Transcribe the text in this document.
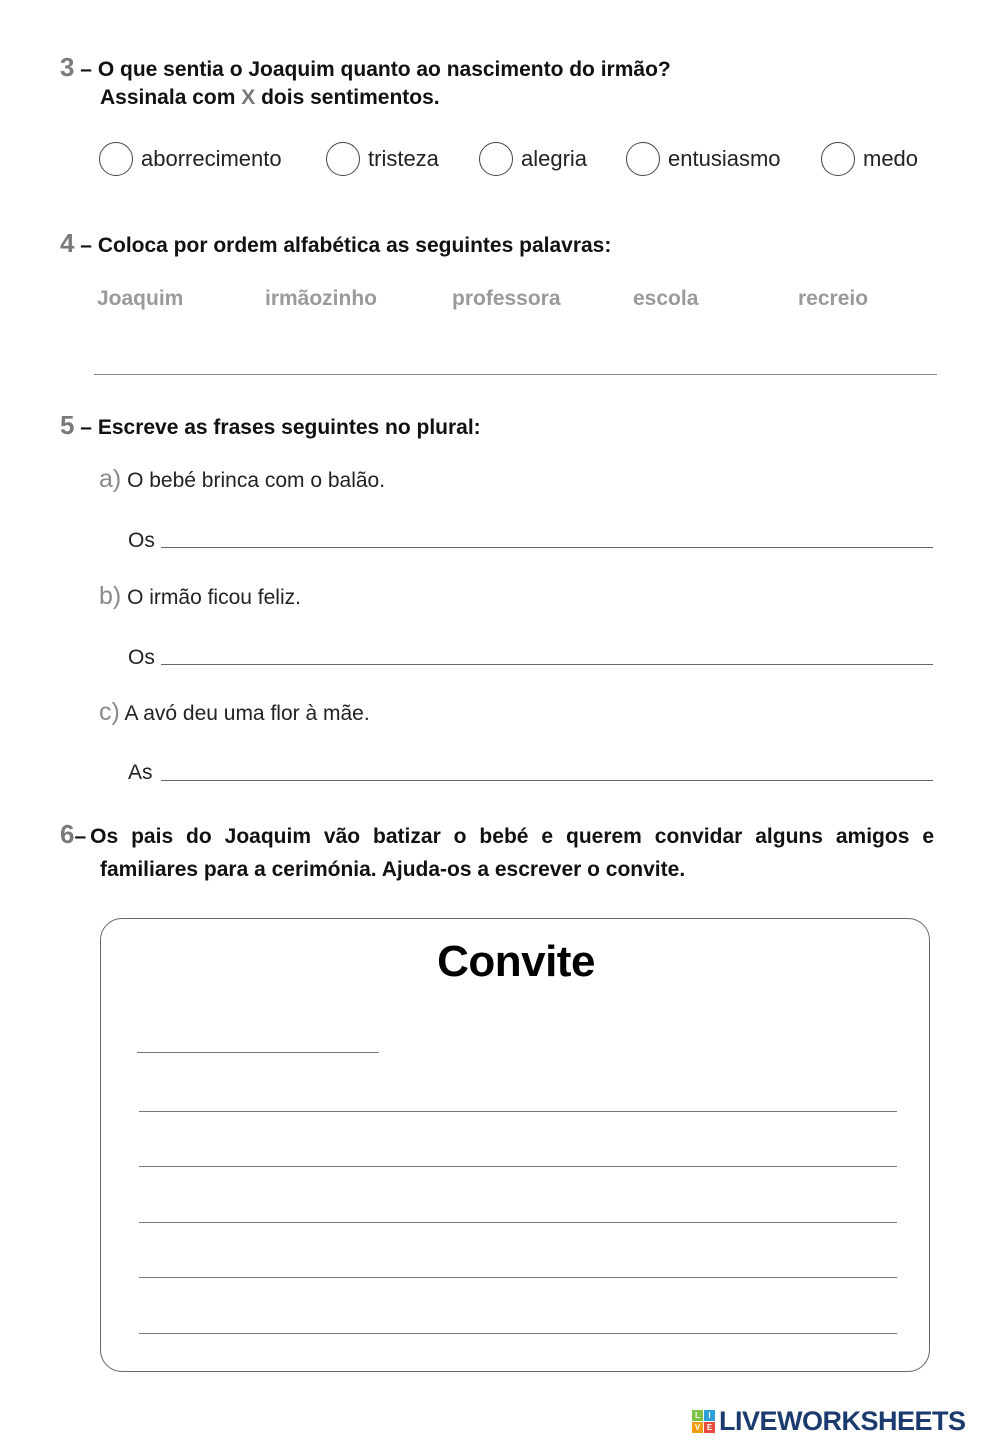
3 – O que sentia o Joaquim quanto ao nascimento do irmão?
Assinala com X dois sentimentos.
aborrecimento	tristeza	alegria	entusiasmo	medo
4 – Coloca por ordem alfabética as seguintes palavras:
Joaquim	irmãozinho	professora	escola	recreio
5 – Escreve as frases seguintes no plural:
a) O bebé brinca com o balão.
Os
b) O irmão ficou feliz.
Os
c) A avó deu uma flor à mãe.
As
6 – Os pais do Joaquim vão batizar o bebé e querem convidar alguns amigos e
familiares para a cerimónia. Ajuda-os a escrever o convite.
Convite
L	I
V E LIVEWORKSHEETS
